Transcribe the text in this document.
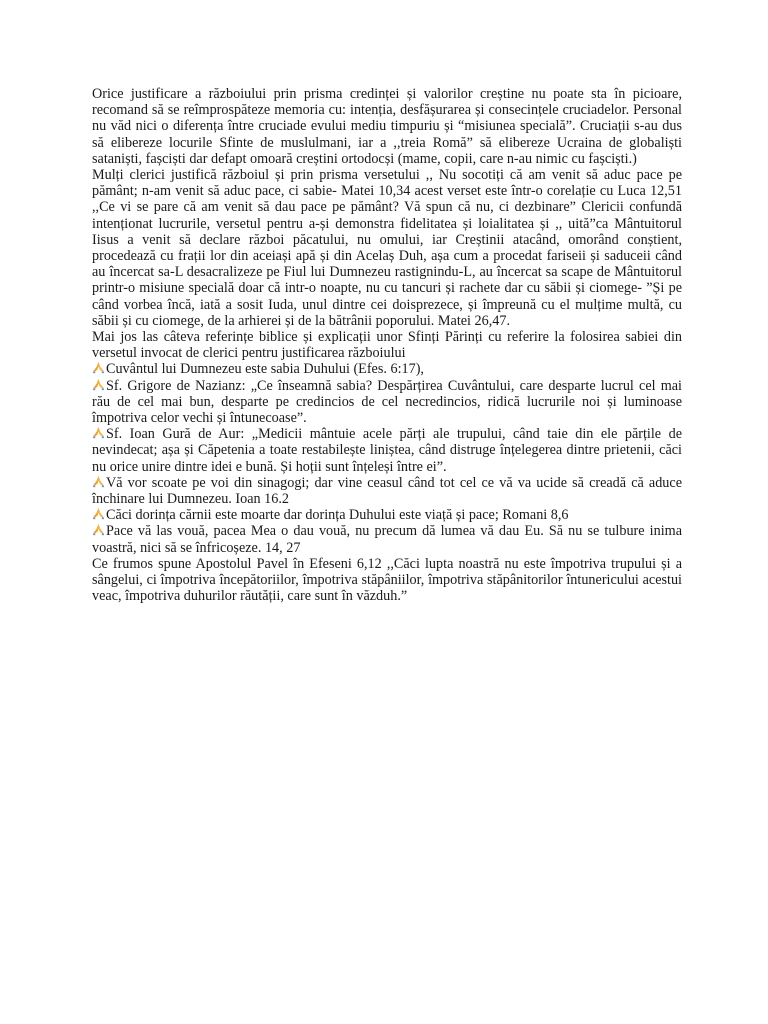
Orice justificare a războiului prin prisma credinței și valorilor creștine nu poate sta în picioare, recomand să se reîmprospăteze memoria cu: intenția, desfășurarea și consecințele cruciadelor. Personal nu văd nici o diferența între cruciade evului mediu timpuriu și “misiunea specială”. Cruciații s-au dus să elibereze locurile Sfinte de muslulmani, iar a ,,treia Romă” să elibereze Ucraina de globaliști sataniști, fașciști dar defapt omoară creștini ortodocși (mame, copii, care n-au nimic cu fașciști.)

Mulți clerici justifică războiul și prin prisma versetului ,, Nu socotiți că am venit să aduc pace pe pământ; n-am venit să aduc pace, ci sabie- Matei 10,34 acest verset este într-o corelație cu Luca 12,51 ,,Ce vi se pare că am venit să dau pace pe pământ? Vă spun că nu, ci dezbinare” Clericii confundă intenționat lucrurile, versetul pentru a-și demonstra fidelitatea și loialitatea și ,, uită”ca Mântuitorul Iisus a venit să declare război păcatului, nu omului, iar Creștinii atacând, omorând conștient, procedează cu frații lor din aceiași apă și din Acelaș Duh, așa cum a procedat fariseii și saduceii când au încercat sa-L desacralizeze pe Fiul lui Dumnezeu rastignindu-L, au încercat sa scape de Mântuitorul printr-o misiune specială doar că intr-o noapte, nu cu tancuri și rachete dar cu săbii și ciomege- ”Și pe când vorbea încă, iată a sosit Iuda, unul dintre cei doisprezece, și împreună cu el mulțime multă, cu săbii și cu ciomege, de la arhierei și de la bătrânii poporului. Matei 26,47.

Mai jos las câteva referințe biblice și explicații unor Sfinți Părinți cu referire la folosirea sabiei din versetul invocat de clerici pentru justificarea războiului

Cuvântul lui Dumnezeu este sabia Duhului (Efes. 6:17),

Sf. Grigore de Nazianz: „Ce înseamnă sabia? Despărțirea Cuvântului, care desparte lucrul cel mai rău de cel mai bun, desparte pe credincios de cel necredincios, ridică lucrurile noi și luminoase împotriva celor vechi și întunecoase”.

Sf. Ioan Gură de Aur: „Medicii mântuie acele părți ale trupului, când taie din ele părțile de nevindecat; așa și Căpetenia a toate restabilește liniștea, când distruge înțelegerea dintre prietenii, căci nu orice unire dintre idei e bună. Și hoții sunt înțeleși între ei”.

Vă vor scoate pe voi din sinagogi; dar vine ceasul când tot cel ce vă va ucide să creadă că aduce închinare lui Dumnezeu. Ioan 16.2

Căci dorința cărnii este moarte dar dorința Duhului este viață și pace; Romani 8,6

Pace vă las vouă, pacea Mea o dau vouă, nu precum dă lumea vă dau Eu. Să nu se tulbure inima voastră, nici să se înfricoșeze. 14, 27

Ce frumos spune Apostolul Pavel în Efeseni 6,12 ,,Căci lupta noastră nu este împotriva trupului și a sângelui, ci împotriva începătoriilor, împotriva stăpâniilor, împotriva stăpânitorilor întunericului acestui veac, împotriva duhurilor răutății, care sunt în văzduh.”
